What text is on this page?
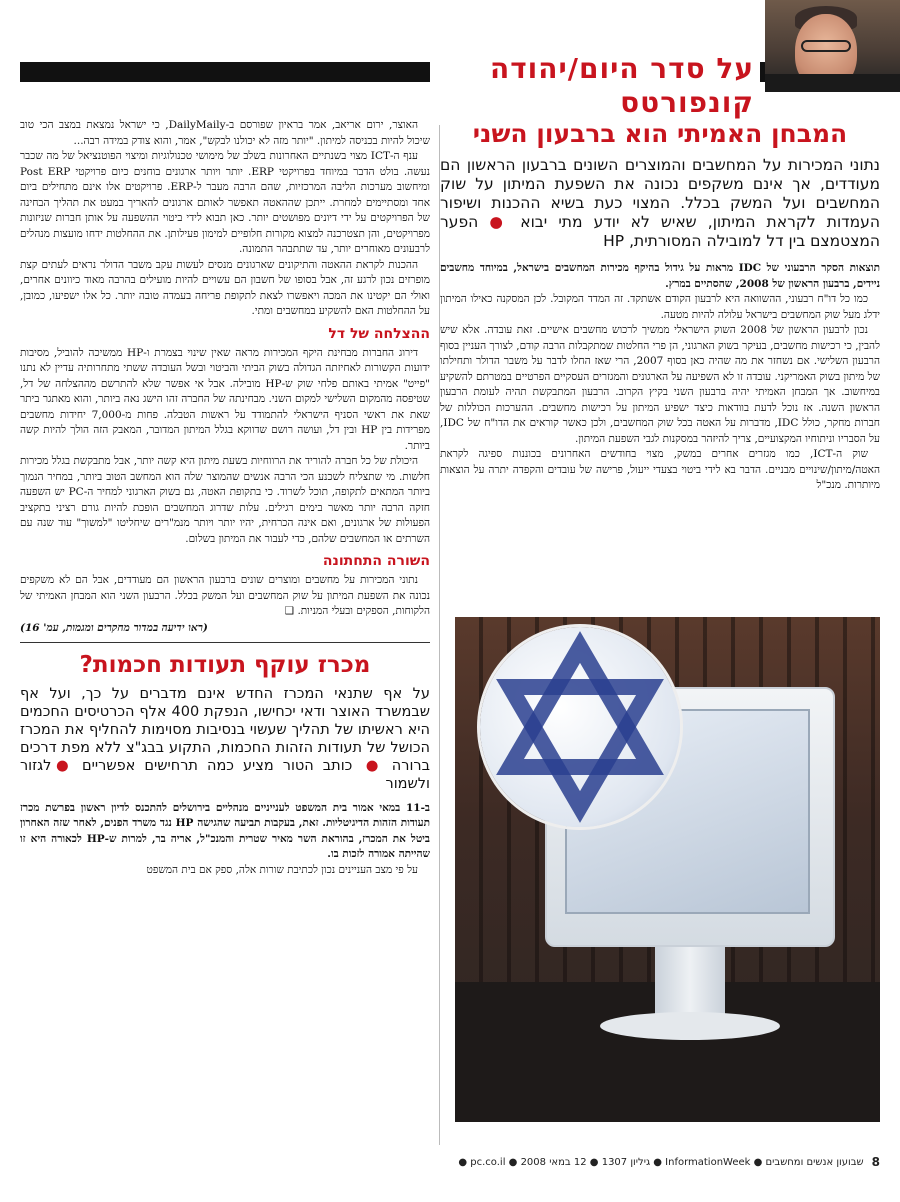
על סדר היום/יהודה קונפורטס
המבחן האמיתי הוא ברבעון השני

נתוני המכירות על המחשבים והמוצרים השונים ברבעון הראשון הם מעודדים, אך אינם משקפים נכונה את השפעת המיתון על שוק המחשבים ועל המשק בכלל. המצוי כעת בשיא ההכנות ושיפור העמדות לקראת המיתון, שאיש לא יודע מתי יבוא ● הפער המצטמצם בין דל למובילה המסורתית, HP

תוצאות הסקר הרבעוני של IDC מראות על גידול בהיקף מכירות המחשבים בישראל, במיוחד מחשבים ניידים, ברבעון הראשון של 2008, שהסתיים במרץ.

כמו כל דו"ח רבעוני, ההשוואה היא לרבעון הקודם אשתקד. זה המדד המקובל. לכן המסקנה כאילו המיתון ידלג מעל שוק המחשבים בישראל עלולה להיות מטעה.

נכון לרבעון הראשון של 2008 השוק הישראלי ממשיך לרכוש מחשבים אישיים. זאת עובדה. אלא שיש להבין, כי רכישות מחשבים, בעיקר בשוק הארגוני, הן פרי החלטות שמתקבלות הרבה קודם, לצורך העניין בסוף הרבעון השלישי. אם נשחזר את מה שהיה כאן בסוף 2007, הרי שאז החלו לדבר על משבר הדולר ותחילתו של מיתון בשוק האמריקני. עובדה זו לא השפיעה על הארגונים והמגזרים העסקיים הפרטיים במטרתם להשקיע במיחשוב. אך המבחן האמיתי יהיה ברבעון השני בקיץ הקרוב. הרבעון המתבקשת תהיה לעומת הרבעון הראשון השנה. אז נוכל לדעת בוודאות כיצד ישפיע המיתון על רכישות מחשבים. ההערכות הכוללות של חברות מחקר, כולל IDC, מדברות על האטה בכל שוק המחשבים, ולכן כאשר קוראים את הדו"ח של IDC, על הסבריו וניתוחיו המקצועיים, צריך להיזהר במסקנות לגבי השפעת המיתון.

שוק ה-ICT, כמו מגזרים אחרים במשק, מצוי בחודשים האחרונים בכוננות ספיגה לקראת האטה/מיתון/שינויים מבניים. הדבר בא לידי ביטוי בצעדי ייעול, פרישה של עובדים והקפדה יתרה על הוצאות מיותרות. מנכ"ל

האוצר, ירום אריאב, אמר בראיון שפורסם ב-DailyMaily, כי ישראל נמצאת במצב הכי טוב שיכול להיות בכניסה למיתון. "יותר מזה לא יכולנו לבקש", אמר, והוא צודק במידה רבה...

ענף ה-ICT מצוי בשנתיים האחרונות בשלב של מימושי טכנולוגיות ומיצוי הפוטנציאל של מה שכבר נעשה. בולט הדבר במיוחד בפרויקטי ERP. יותר ויותר ארגונים בוחנים כיום פרויקטי Post ERP ומיחשוב מערכות הליבה המרכזיות, שהם הרבה מעבר ל-ERP. פרויקטים אלו אינם מתחילים ביום אחד ומסתיימים למחרת. ייתכן שההאטה תאפשר לאותם ארגונים להאריך במעט את תהליך הבחינה של הפרויקטים על ידי דיונים מפושטים יותר. כאן תבוא לידי ביטוי ההשפעה על אותן חברות שניזונות מפרויקטים, והן תצטרכנה למצוא מקורות חלופיים למימון פעילותן. את ההחלטות ידחו מועצות מנהלים לרבעונים מאוחרים יותר, עד שתתבהר התמונה.

ההכנות לקראת ההאטה והתיקונים שארגונים מנסים לעשות עקב משבר הדולר נראים לעתים קצת מופרזים נכון לרגע זה, אבל בסופו של חשבון הם עשויים להיות מועילים בהרבה מאוד כיוונים אחרים, ואולי הם יקטינו את המכה ויאפשרו לצאת לתקופת פריחה בעמדה טובה יותר. כל אלו ישפיעו, כמובן, על ההחלטות האם להשקיע במחשבים ומתי.

ההצלחה של דל

דירוג החברות מבחינת היקף המכירות מראה שאין שינוי בצמרת ו-HP ממשיכה להוביל, מסיבות ידועות הקשורות לאחיזתה הגדולה בשוק הביתי והביטוי ובשל העובדה ששתי מתחרותיה עדיין לא נתנו "פייט" אמיתי באותם פלחי שוק ש-HP מובילה. אבל אי אפשר שלא להתרשם מההצלחה של דל, שטיפסה מהמקום השלישי למקום השני. מבחינתה של החברה זהו הישג נאה ביותר, והוא מאתגר ביתר שאת את ראשי הסניף הישראלי להתמודד על ראשות הטבלה. פחות מ-7,000 יחידות מחשבים מפרידות בין HP ובין דל, ועושה רושם שדווקא בגלל המיתון המדובר, המאבק הזה הולך להיות קשה ביותר.

היכולת של כל חברה להוריד את הרווחיות בשעת מיתון היא קשה יותר, אבל מתבקשת בגלל מכירות חלשות. מי שתצליח לשכנע הכי הרבה אנשים שהמוצר שלה הוא המחשב הטוב ביותר, במחיר הנמוך ביותר המתאים לתקופה, תוכל לשרוד. כי בתקופת האטה, גם בשוק הארגוני למחיר ה-PC יש השפעה חזקה הרבה יותר מאשר בימים רגילים. עלות שדרוג המחשבים הופכת להיות גורם רציני בתקציב הפעולות של ארגונים, ואם אינה הכרחית, יהיו יותר ויותר מנמ"רים שיחליטו "למשוך" עוד שנה עם השרתים או המחשבים שלהם, כדי לעבור את המיתון בשלום.

השורה התחתונה

נתוני המכירות על מחשבים ומוצרים שונים ברבעון הראשון הם מעודדים, אבל הם לא משקפים נכונה את השפעת המיתון על שוק המחשבים ועל המשק בכלל. הרבעון השני הוא המבחן האמיתי של הלקוחות, הספקים ובעלי המניות. ❑

(ראו ידיעה במדור מחקרים ומגמות, עמ' 16)

מכרז עוקף תעודות חכמות?

על אף שתנאי המכרז החדש אינם מדברים על כך, ועל אף שבמשרד האוצר ודאי יכחישו, הנפקת 400 אלף הכרטיסים החכמים היא ראשיתו של תהליך שעשוי בנסיבות מסוימות להחליף את המכרז הכושל של תעודות הזהות החכמות, התקוע בבג"צ ללא מפת דרכים ברורה ● כותב הטור מציע כמה תרחישים אפשריים ● לגזור ולשמור

ב-11 במאי אמור בית המשפט לענייניים מנהליים בירושלים להתכנס לדיון ראשון בפרשת מכרז תעודות הזהות הדיגיטליות. זאת, בעקבות תביעה שהגישה HP נגד משרד הפנים, לאחר שזה האחרון ביטל את המכרז, בהוראת השר מאיר שטרית והמנכ"ל, אריה בר, למרות ש-HP לכאורה היא זו שהייתה אמורה לזכות בו.

על פי מצב העניינים נכון לכתיבת שורות אלה, ספק אם בית המשפט

8
שבועון אנשים ומחשבים ● InformationWeek ● גיליון 1307 ● 12 במאי 2008 ● pc.co.il ●
